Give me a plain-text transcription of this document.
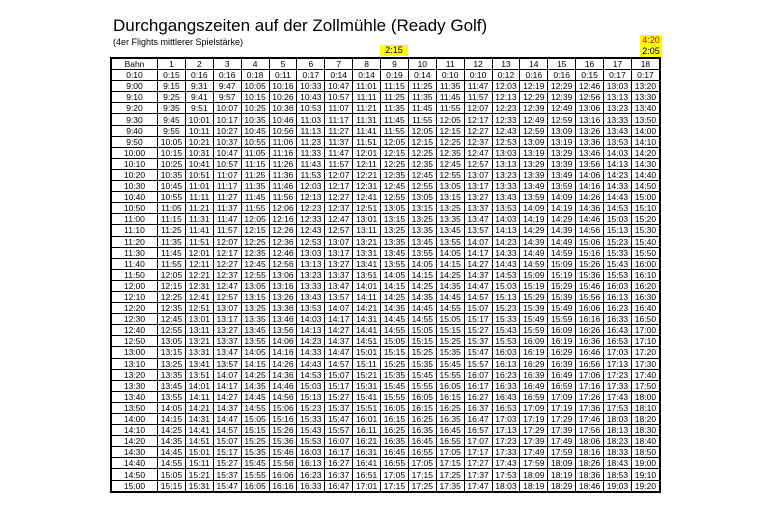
Durchgangszeiten auf der Zollmühle (Ready Golf)
(4er Flights mittlerer Spielstärke)
2:15
4:20
2:05
Bahn	1	2	3	4	5	6	7	8	9	10	11	12	13	14	15	16	17	18
0:10	0:15	0:16	0:16	0:18	0:11	0:17	0:14	0:14	0:19	0:14	0:10	0:10	0:12	0:16	0:16	0:15	0:17	0:17
9:00	9:15	9:31	9:47	10:05	10:16	10:33	10:47	11:01	11:15	11:25	11:35	11:47	12:03	12:19	12:29	12:46	13:03	13:20
9:10	9:25	9:41	9:57	10:15	10:26	10:43	10:57	11:11	11:25	11:35	11:45	11:57	12:13	12:29	12:39	12:56	13:13	13:30
9:20	9:35	9:51	10:07	10:25	10:36	10:53	11:07	11:21	11:35	11:45	11:55	12:07	12:23	12:39	12:49	13:06	13:23	13:40
9:30	9:45	10:01	10:17	10:35	10:46	11:03	11:17	11:31	11:45	11:55	12:05	12:17	12:33	12:49	12:59	13:16	13:33	13:50
9:40	9:55	10:11	10:27	10:45	10:56	11:13	11:27	11:41	11:55	12:05	12:15	12:27	12:43	12:59	13:09	13:26	13:43	14:00
9:50	10:05	10:21	10:37	10:55	11:06	11:23	11:37	11:51	12:05	12:15	12:25	12:37	12:53	13:09	13:19	13:36	13:53	14:10
10:00	10:15	10:31	10:47	11:05	11:16	11:33	11:47	12:01	12:15	12:25	12:35	12:47	13:03	13:19	13:29	13:46	14:03	14:20
10:10	10:25	10:41	10:57	11:15	11:26	11:43	11:57	12:11	12:25	12:35	12:45	12:57	13:13	13:29	13:39	13:56	14:13	14:30
10:20	10:35	10:51	11:07	11:25	11:36	11:53	12:07	12:21	12:35	12:45	12:55	13:07	13:23	13:39	13:49	14:06	14:23	14:40
10:30	10:45	11:01	11:17	11:35	11:46	12:03	12:17	12:31	12:45	12:55	13:05	13:17	13:33	13:49	13:59	14:16	14:33	14:50
10:40	10:55	11:11	11:27	11:45	11:56	12:13	12:27	12:41	12:55	13:05	13:15	13:27	13:43	13:59	14:09	14:26	14:43	15:00
10:50	11:05	11:21	11:37	11:55	12:06	12:23	12:37	12:51	13:05	13:15	13:25	13:37	13:53	14:09	14:19	14:36	14:53	15:10
11:00	11:15	11:31	11:47	12:05	12:16	12:33	12:47	13:01	13:15	13:25	13:35	13:47	14:03	14:19	14:29	14:46	15:03	15:20
11:10	11:25	11:41	11:57	12:15	12:26	12:43	12:57	13:11	13:25	13:35	13:45	13:57	14:13	14:29	14:39	14:56	15:13	15:30
11:20	11:35	11:51	12:07	12:25	12:36	12:53	13:07	13:21	13:35	13:45	13:55	14:07	14:23	14:39	14:49	15:06	15:23	15:40
11:30	11:45	12:01	12:17	12:35	12:46	13:03	13:17	13:31	13:45	13:55	14:05	14:17	14:33	14:49	14:59	15:16	15:33	15:50
11:40	11:55	12:11	12:27	12:45	12:56	13:13	13:27	13:41	13:55	14:05	14:15	14:27	14:43	14:59	15:09	15:26	15:43	16:00
11:50	12:05	12:21	12:37	12:55	13:06	13:23	13:37	13:51	14:05	14:15	14:25	14:37	14:53	15:09	15:19	15:36	15:53	16:10
12:00	12:15	12:31	12:47	13:05	13:16	13:33	13:47	14:01	14:15	14:25	14:35	14:47	15:03	15:19	15:29	15:46	16:03	16:20
12:10	12:25	12:41	12:57	13:15	13:26	13:43	13:57	14:11	14:25	14:35	14:45	14:57	15:13	15:29	15:39	15:56	16:13	16:30
12:20	12:35	12:51	13:07	13:25	13:36	13:53	14:07	14:21	14:35	14:45	14:55	15:07	15:23	15:39	15:49	16:06	16:23	16:40
12:30	12:45	13:01	13:17	13:35	13:46	14:03	14:17	14:31	14:45	14:55	15:05	15:17	15:33	15:49	15:59	16:16	16:33	16:50
12:40	12:55	13:11	13:27	13:45	13:56	14:13	14:27	14:41	14:55	15:05	15:15	15:27	15:43	15:59	16:09	16:26	16:43	17:00
12:50	13:05	13:21	13:37	13:55	14:06	14:23	14:37	14:51	15:05	15:15	15:25	15:37	15:53	16:09	16:19	16:36	16:53	17:10
13:00	13:15	13:31	13:47	14:05	14:16	14:33	14:47	15:01	15:15	15:25	15:35	15:47	16:03	16:19	16:29	16:46	17:03	17:20
13:10	13:25	13:41	13:57	14:15	14:26	14:43	14:57	15:11	15:25	15:35	15:45	15:57	16:13	16:29	16:39	16:56	17:13	17:30
13:20	13:35	13:51	14:07	14:25	14:36	14:53	15:07	15:21	15:35	15:45	15:55	16:07	16:23	16:39	16:49	17:06	17:23	17:40
13:30	13:45	14:01	14:17	14:35	14:46	15:03	15:17	15:31	15:45	15:55	16:05	16:17	16:33	16:49	16:59	17:16	17:33	17:50
13:40	13:55	14:11	14:27	14:45	14:56	15:13	15:27	15:41	15:55	16:05	16:15	16:27	16:43	16:59	17:09	17:26	17:43	18:00
13:50	14:05	14:21	14:37	14:55	15:06	15:23	15:37	15:51	16:05	16:15	16:25	16:37	16:53	17:09	17:19	17:36	17:53	18:10
14:00	14:15	14:31	14:47	15:05	15:16	15:33	15:47	16:01	16:15	16:25	16:35	16:47	17:03	17:19	17:29	17:46	18:03	18:20
14:10	14:25	14:41	14:57	15:15	15:26	15:43	15:57	16:11	16:25	16:35	16:45	16:57	17:13	17:29	17:39	17:56	18:13	18:30
14:20	14:35	14:51	15:07	15:25	15:36	15:53	16:07	16:21	16:35	16:45	16:55	17:07	17:23	17:39	17:49	18:06	18:23	18:40
14:30	14:45	15:01	15:17	15:35	15:46	16:03	16:17	16:31	16:45	16:55	17:05	17:17	17:33	17:49	17:59	18:16	18:33	18:50
14:40	14:55	15:11	15:27	15:45	15:56	16:13	16:27	16:41	16:55	17:05	17:15	17:27	17:43	17:59	18:09	18:26	18:43	19:00
14:50	15:05	15:21	15:37	15:55	16:06	16:23	16:37	16:51	17:05	17:15	17:25	17:37	17:53	18:09	18:19	18:36	18:53	19:10
15:00	15:15	15:31	15:47	16:05	16:16	16:33	16:47	17:01	17:15	17:25	17:35	17:47	18:03	18:19	18:29	18:46	19:03	19:20
